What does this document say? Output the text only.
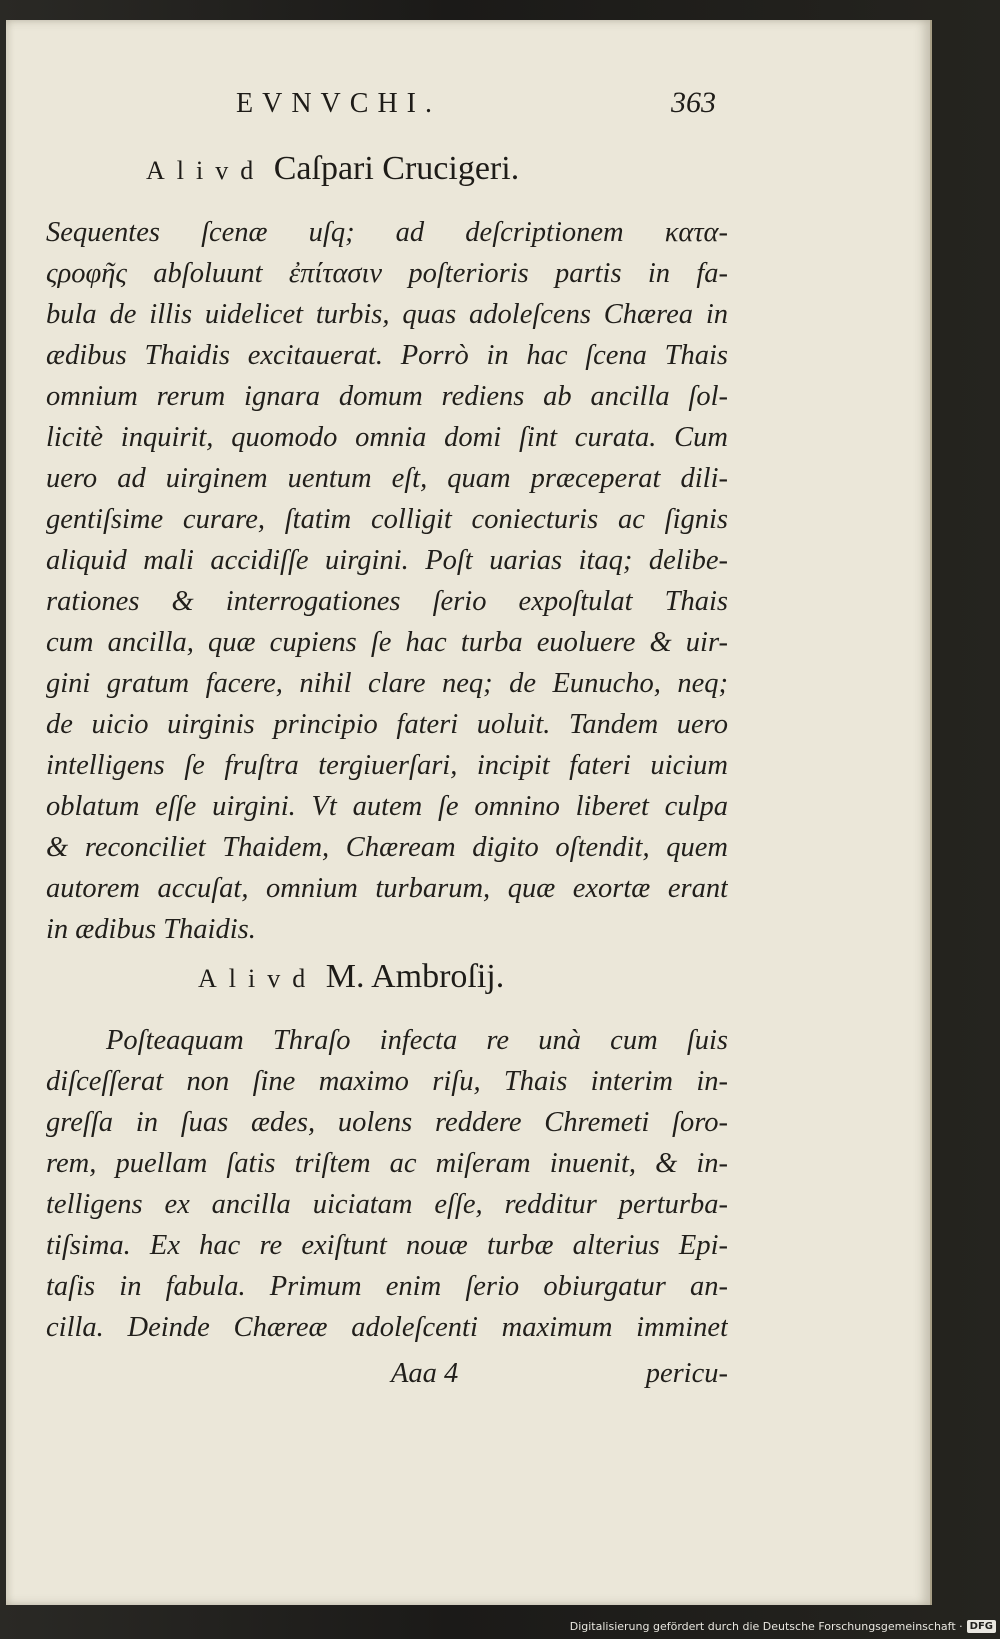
EVNVCHI.	363
Alivd Caſpari Crucigeri.
Sequentes ſcenæ uſq; ad deſcriptionem κατα-
ςροφῆς abſoluunt ἐπίτασιν poſterioris partis in fa-
bula de illis uidelicet turbis, quas adoleſcens Chærea in
ædibus Thaidis excitauerat. Porrò in hac ſcena Thais
omnium rerum ignara domum rediens ab ancilla ſol-
licitè inquirit, quomodo omnia domi ſint curata. Cum
uero ad uirginem uentum eſt, quam præceperat dili-
gentiſsime curare, ſtatim colligit coniecturis ac ſignis
aliquid mali accidiſſe uirgini. Poſt uarias itaq; delibe-
rationes & interrogationes ſerio expoſtulat Thais
cum ancilla, quæ cupiens ſe hac turba euoluere & uir-
gini gratum facere, nihil clare neq; de Eunucho, neq;
de uicio uirginis principio fateri uoluit. Tandem uero
intelligens ſe fruſtra tergiuerſari, incipit fateri uicium
oblatum eſſe uirgini. Vt autem ſe omnino liberet culpa
& reconciliet Thaidem, Chæream digito oſtendit, quem
autorem accuſat, omnium turbarum, quæ exortæ erant
in ædibus Thaidis.
Alivd M. Ambroſij.
Poſteaquam Thraſo infecta re unà cum ſuis
diſceſſerat non ſine maximo riſu, Thais interim in-
greſſa in ſuas ædes, uolens reddere Chremeti ſoro-
rem, puellam ſatis triſtem ac miſeram inuenit, & in-
telligens ex ancilla uiciatam eſſe, redditur perturba-
tiſsima. Ex hac re exiſtunt nouæ turbæ alterius Epi-
taſis in fabula. Primum enim ſerio obiurgatur an-
cilla. Deinde Chæreæ adoleſcenti maximum imminet
Aaa 4	pericu-
Digitalisierung gefördert durch die Deutsche Forschungsgemeinschaft · DFG
